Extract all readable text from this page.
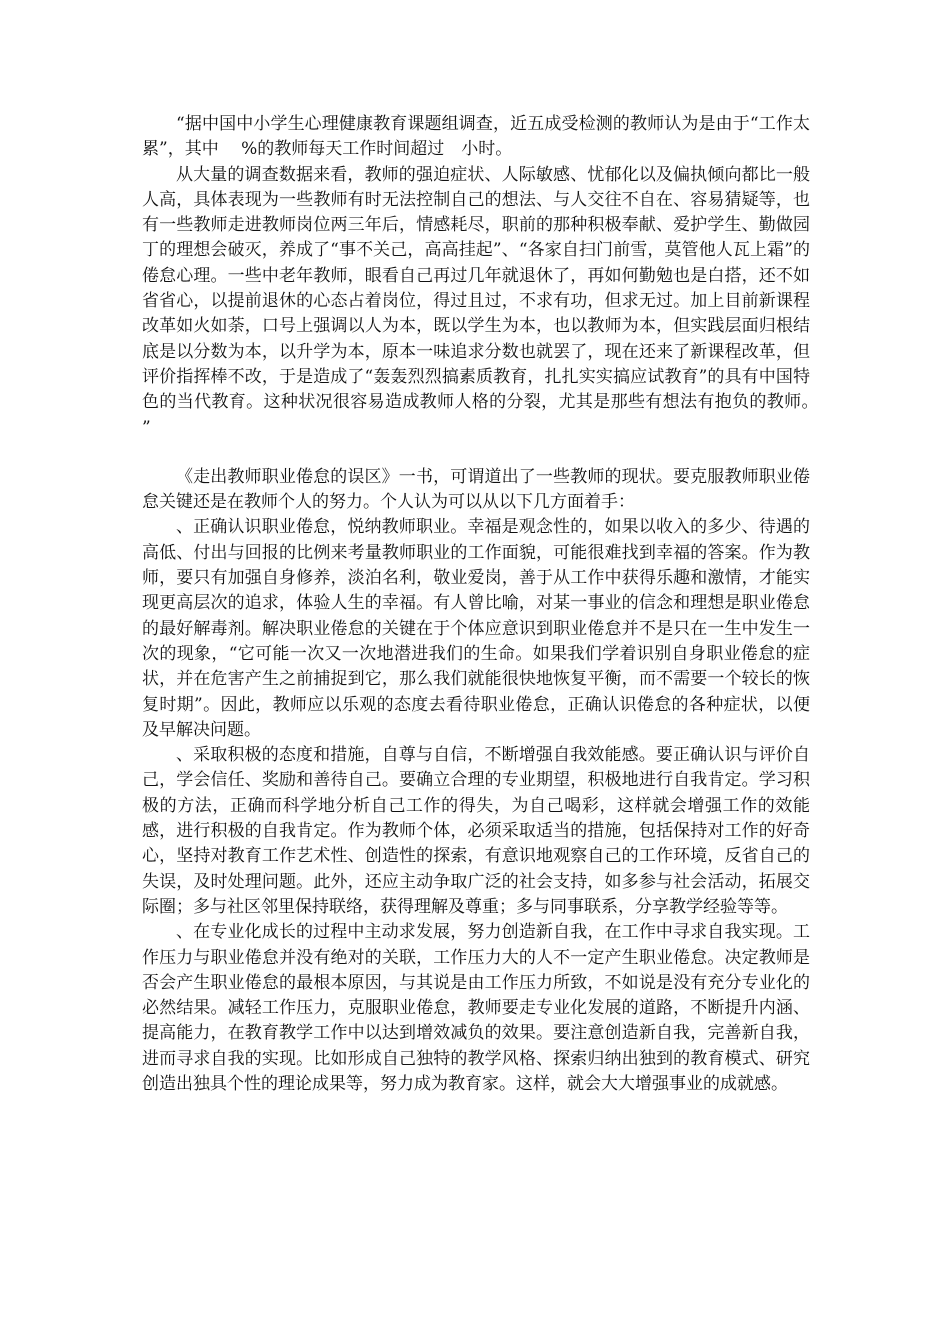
“据中国中小学生心理健康教育课题组调查，近五成受检测的教师认为是由于“工作太累”，其中　 %的教师每天工作时间超过　小时。

从大量的调查数据来看，教师的强迫症状、人际敏感、忧郁化以及偏执倾向都比一般人高，具体表现为一些教师有时无法控制自己的想法、与人交往不自在、容易猜疑等，也有一些教师走进教师岗位两三年后，情感耗尽，职前的那种积极奉献、爱护学生、勤做园丁的理想会破灭，养成了“事不关己，高高挂起”、“各家自扫门前雪，莫管他人瓦上霜”的倦怠心理。一些中老年教师，眼看自己再过几年就退休了，再如何勤勉也是白搭，还不如省省心，以提前退休的心态占着岗位，得过且过，不求有功，但求无过。加上目前新课程改革如火如荼，口号上强调以人为本，既以学生为本，也以教师为本，但实践层面归根结底是以分数为本，以升学为本，原本一味追求分数也就罢了，现在还来了新课程改革，但评价指挥棒不改，于是造成了“轰轰烈烈搞素质教育，扎扎实实搞应试教育”的具有中国特色的当代教育。这种状况很容易造成教师人格的分裂，尤其是那些有想法有抱负的教师。　”

《走出教师职业倦怠的误区》一书，可谓道出了一些教师的现状。要克服教师职业倦怠关键还是在教师个人的努力。个人认为可以从以下几方面着手：

、正确认识职业倦怠，悦纳教师职业。幸福是观念性的，如果以收入的多少、待遇的高低、付出与回报的比例来考量教师职业的工作面貌，可能很难找到幸福的答案。作为教师，要只有加强自身修养，淡泊名利，敬业爱岗，善于从工作中获得乐趣和激情，才能实现更高层次的追求，体验人生的幸福。有人曾比喻，对某一事业的信念和理想是职业倦怠的最好解毒剂。解决职业倦怠的关键在于个体应意识到职业倦怠并不是只在一生中发生一次的现象，“它可能一次又一次地潜进我们的生命。如果我们学着识别自身职业倦怠的症状，并在危害产生之前捕捉到它，那么我们就能很快地恢复平衡，而不需要一个较长的恢复时期”。因此，教师应以乐观的态度去看待职业倦怠，正确认识倦怠的各种症状，以便及早解决问题。

、采取积极的态度和措施，自尊与自信，不断增强自我效能感。要正确认识与评价自己，学会信任、奖励和善待自己。要确立合理的专业期望，积极地进行自我肯定。学习积极的方法，正确而科学地分析自己工作的得失，为自己喝彩，这样就会增强工作的效能感，进行积极的自我肯定。作为教师个体，必须采取适当的措施，包括保持对工作的好奇心，坚持对教育工作艺术性、创造性的探索，有意识地观察自己的工作环境，反省自己的失误，及时处理问题。此外，还应主动争取广泛的社会支持，如多参与社会活动，拓展交际圈；多与社区邻里保持联络，获得理解及尊重；多与同事联系，分享教学经验等等。

、在专业化成长的过程中主动求发展，努力创造新自我，在工作中寻求自我实现。工作压力与职业倦怠并没有绝对的关联，工作压力大的人不一定产生职业倦怠。决定教师是否会产生职业倦怠的最根本原因，与其说是由工作压力所致，不如说是没有充分专业化的必然结果。减轻工作压力，克服职业倦怠，教师要走专业化发展的道路，不断提升内涵、提高能力，在教育教学工作中以达到增效减负的效果。要注意创造新自我，完善新自我，进而寻求自我的实现。比如形成自己独特的教学风格、探索归纳出独到的教育模式、研究创造出独具个性的理论成果等，努力成为教育家。这样，就会大大增强事业的成就感。
